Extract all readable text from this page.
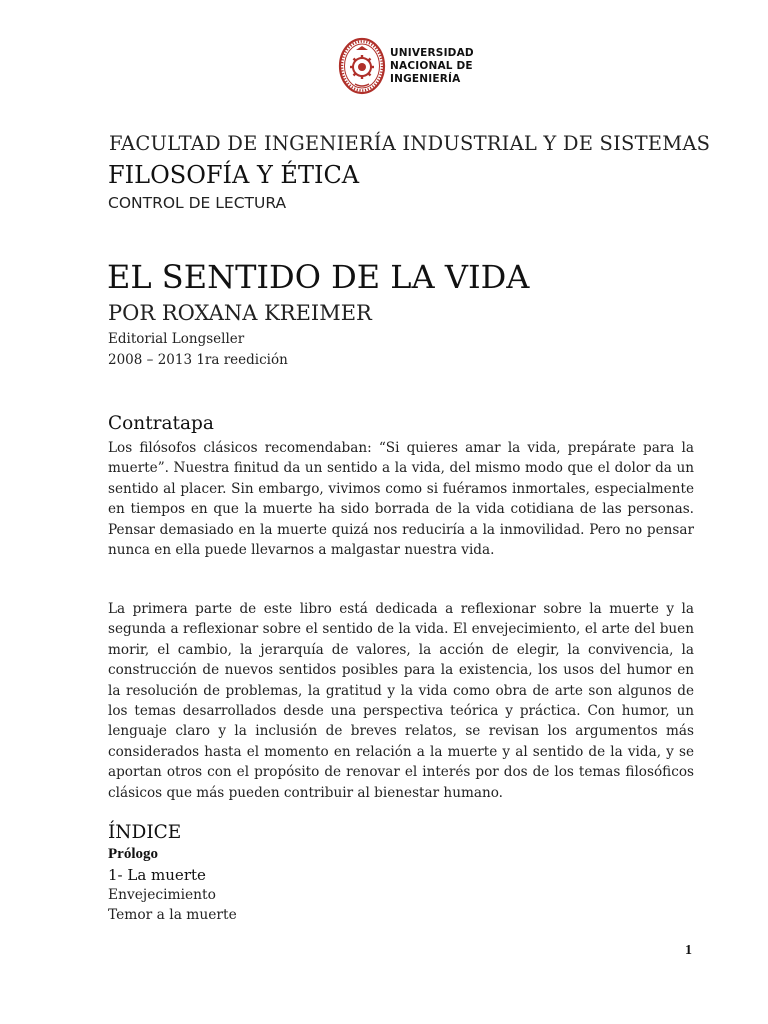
UNIVERSIDAD
NACIONAL DE
INGENIERÍA
FACULTAD DE INGENIERÍA INDUSTRIAL Y DE SISTEMAS
FILOSOFÍA Y ÉTICA
CONTROL DE LECTURA
EL SENTIDO DE LA VIDA
POR ROXANA KREIMER
Editorial Longseller
2008 – 2013 1ra reedición
Contratapa

Los filósofos clásicos recomendaban: “Si quieres amar la vida, prepárate para la muerte”. Nuestra finitud da un sentido a la vida, del mismo modo que el dolor da un sentido al placer. Sin embargo, vivimos como si fuéramos inmortales, especialmente en tiempos en que la muerte ha sido borrada de la vida cotidiana de las personas. Pensar demasiado en la muerte quizá nos reduciría a la inmovilidad. Pero no pensar nunca en ella puede llevarnos a malgastar nuestra vida.

La primera parte de este libro está dedicada a reflexionar sobre la muerte y la segunda a reflexionar sobre el sentido de la vida. El envejecimiento, el arte del buen morir, el cambio, la jerarquía de valores, la acción de elegir, la convivencia, la construcción de nuevos sentidos posibles para la existencia, los usos del humor en la resolución de problemas, la gratitud y la vida como obra de arte son algunos de los temas desarrollados desde una perspectiva teórica y práctica. Con humor, un lenguaje claro y la inclusión de breves relatos, se revisan los argumentos más considerados hasta el momento en relación a la muerte y al sentido de la vida, y se aportan otros con el propósito de renovar el interés por dos de los temas filosóficos clásicos que más pueden contribuir al bienestar humano.

ÍNDICE
Prólogo
1- La muerte
Envejecimiento
Temor a la muerte
1
